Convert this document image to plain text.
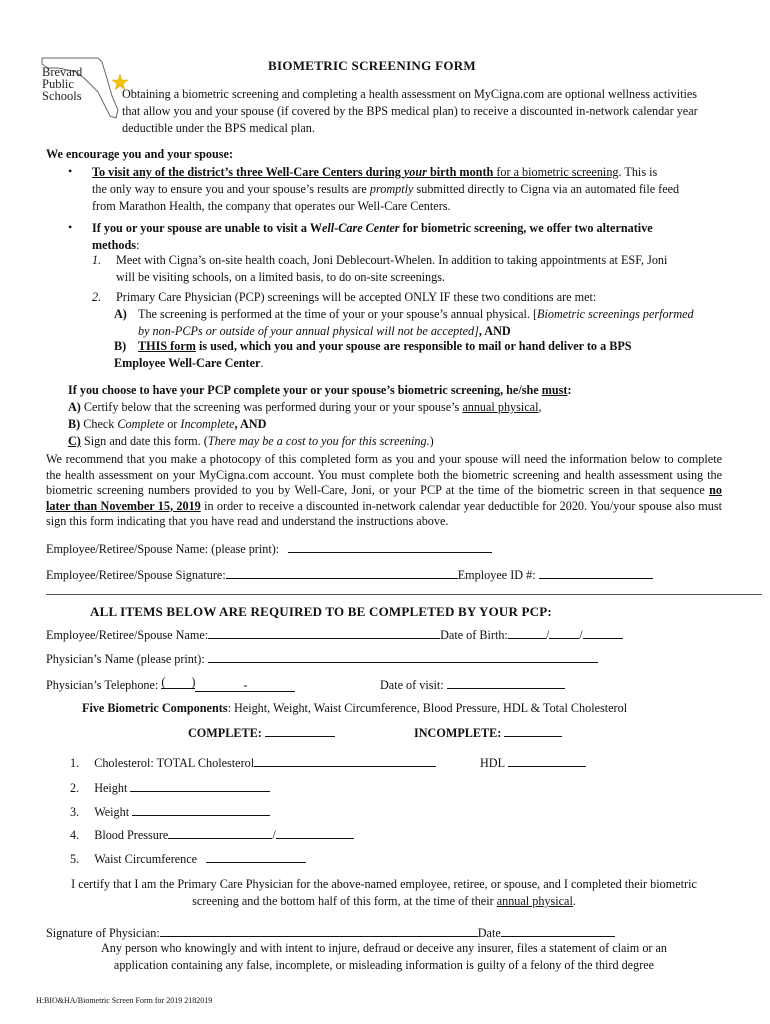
Brevard
Public
Schools
BIOMETRIC SCREENING FORM
Obtaining a biometric screening and completing a health assessment on MyCigna.com are optional wellness activities that allow you and your spouse (if covered by the BPS medical plan) to receive a discounted in-network calendar year deductible under the BPS medical plan.
We encourage you and your spouse:
• To visit any of the district’s three Well-Care Centers during your birth month for a biometric screening. This is
the only way to ensure you and your spouse’s results are promptly submitted directly to Cigna via an automated file feed
from Marathon Health, the company that operates our Well-Care Centers.
• If you or your spouse are unable to visit a Well-Care Center for biometric screening, we offer two alternative
methods:
1. Meet with Cigna’s on-site health coach, Joni Deblecourt-Whelen. In addition to taking appointments at ESF, Joni
will be visiting schools, on a limited basis, to do on-site screenings.
2. Primary Care Physician (PCP) screenings will be accepted ONLY IF these two conditions are met:
A) The screening is performed at the time of your or your spouse’s annual physical. [Biometric screenings performed
by non-PCPs or outside of your annual physical will not be accepted], AND
B) THIS form is used, which you and your spouse are responsible to mail or hand deliver to a BPS
Employee Well-Care Center.
If you choose to have your PCP complete your or your spouse’s biometric screening, he/she must:
A) Certify below that the screening was performed during your or your spouse’s annual physical,
B) Check Complete or Incomplete, AND
C) Sign and date this form. (There may be a cost to you for this screening.)
We recommend that you make a photocopy of this completed form as you and your spouse will need the information below to complete the health assessment on your MyCigna.com account. You must complete both the biometric screening and health assessment using the biometric screening numbers provided to you by Well-Care, Joni, or your PCP at the time of the biometric screen in that sequence no later than November 15, 2019 in order to receive a discounted in-network calendar year deductible for 2020. You/your spouse also must sign this form indicating that you have read and understand the instructions above.
Employee/Retiree/Spouse Name: (please print):
Employee/Retiree/Spouse Signature:	Employee ID #:
ALL ITEMS BELOW ARE REQUIRED TO BE COMPLETED BY YOUR PCP:
Employee/Retiree/Spouse Name:	Date of Birth:	/ /
Physician’s Name (please print):
Physician’s Telephone: ( )	-	Date of visit:
Five Biometric Components: Height, Weight, Waist Circumference, Blood Pressure, HDL & Total Cholesterol
COMPLETE:	INCOMPLETE:
1. Cholesterol: TOTAL Cholesterol	HDL
2. Height
3. Weight
4. Blood Pressure	/
5. Waist Circumference
I certify that I am the Primary Care Physician for the above-named employee, retiree, or spouse, and I completed their biometric
screening and the bottom half of this form, at the time of their annual physical.
Signature of Physician:	Date
Any person who knowingly and with intent to injure, defraud or deceive any insurer, files a statement of claim or an
application containing any false, incomplete, or misleading information is guilty of a felony of the third degree
H:BIO&HA/Biometric Screen Form for 2019 2182019
